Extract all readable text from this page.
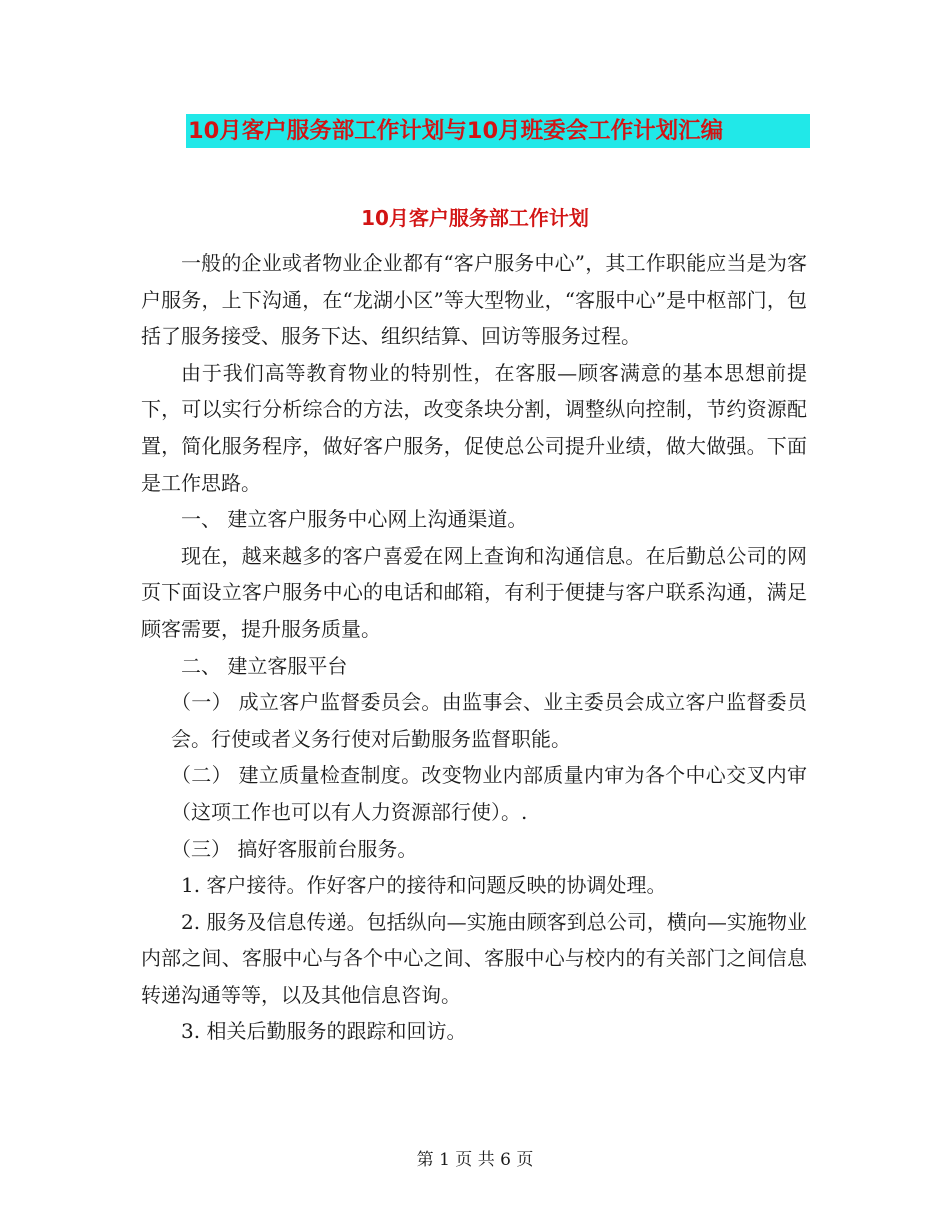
10月客户服务部工作计划与10月班委会工作计划汇编
10月客户服务部工作计划

一般的企业或者物业企业都有“客户服务中心”，其工作职能应当是为客户服务，上下沟通，在“龙湖小区”等大型物业，“客服中心”是中枢部门，包括了服务接受、服务下达、组织结算、回访等服务过程。

由于我们高等教育物业的特别性，在客服—顾客满意的基本思想前提下，可以实行分析综合的方法，改变条块分割，调整纵向控制，节约资源配置，简化服务程序，做好客户服务，促使总公司提升业绩，做大做强。下面是工作思路。

一、 建立客户服务中心网上沟通渠道。

现在，越来越多的客户喜爱在网上查询和沟通信息。在后勤总公司的网页下面设立客户服务中心的电话和邮箱，有利于便捷与客户联系沟通，满足顾客需要，提升服务质量。

二、 建立客服平台

（一） 成立客户监督委员会。由监事会、业主委员会成立客户监督委员会。行使或者义务行使对后勤服务监督职能。

（二） 建立质量检查制度。改变物业内部质量内审为各个中心交叉内审（这项工作也可以有人力资源部行使）。.

（三） 搞好客服前台服务。

1. 客户接待。作好客户的接待和问题反映的协调处理。

2. 服务及信息传递。包括纵向—实施由顾客到总公司，横向—实施物业内部之间、客服中心与各个中心之间、客服中心与校内的有关部门之间信息转递沟通等等，以及其他信息咨询。

3. 相关后勤服务的跟踪和回访。

第 1 页 共 6 页
